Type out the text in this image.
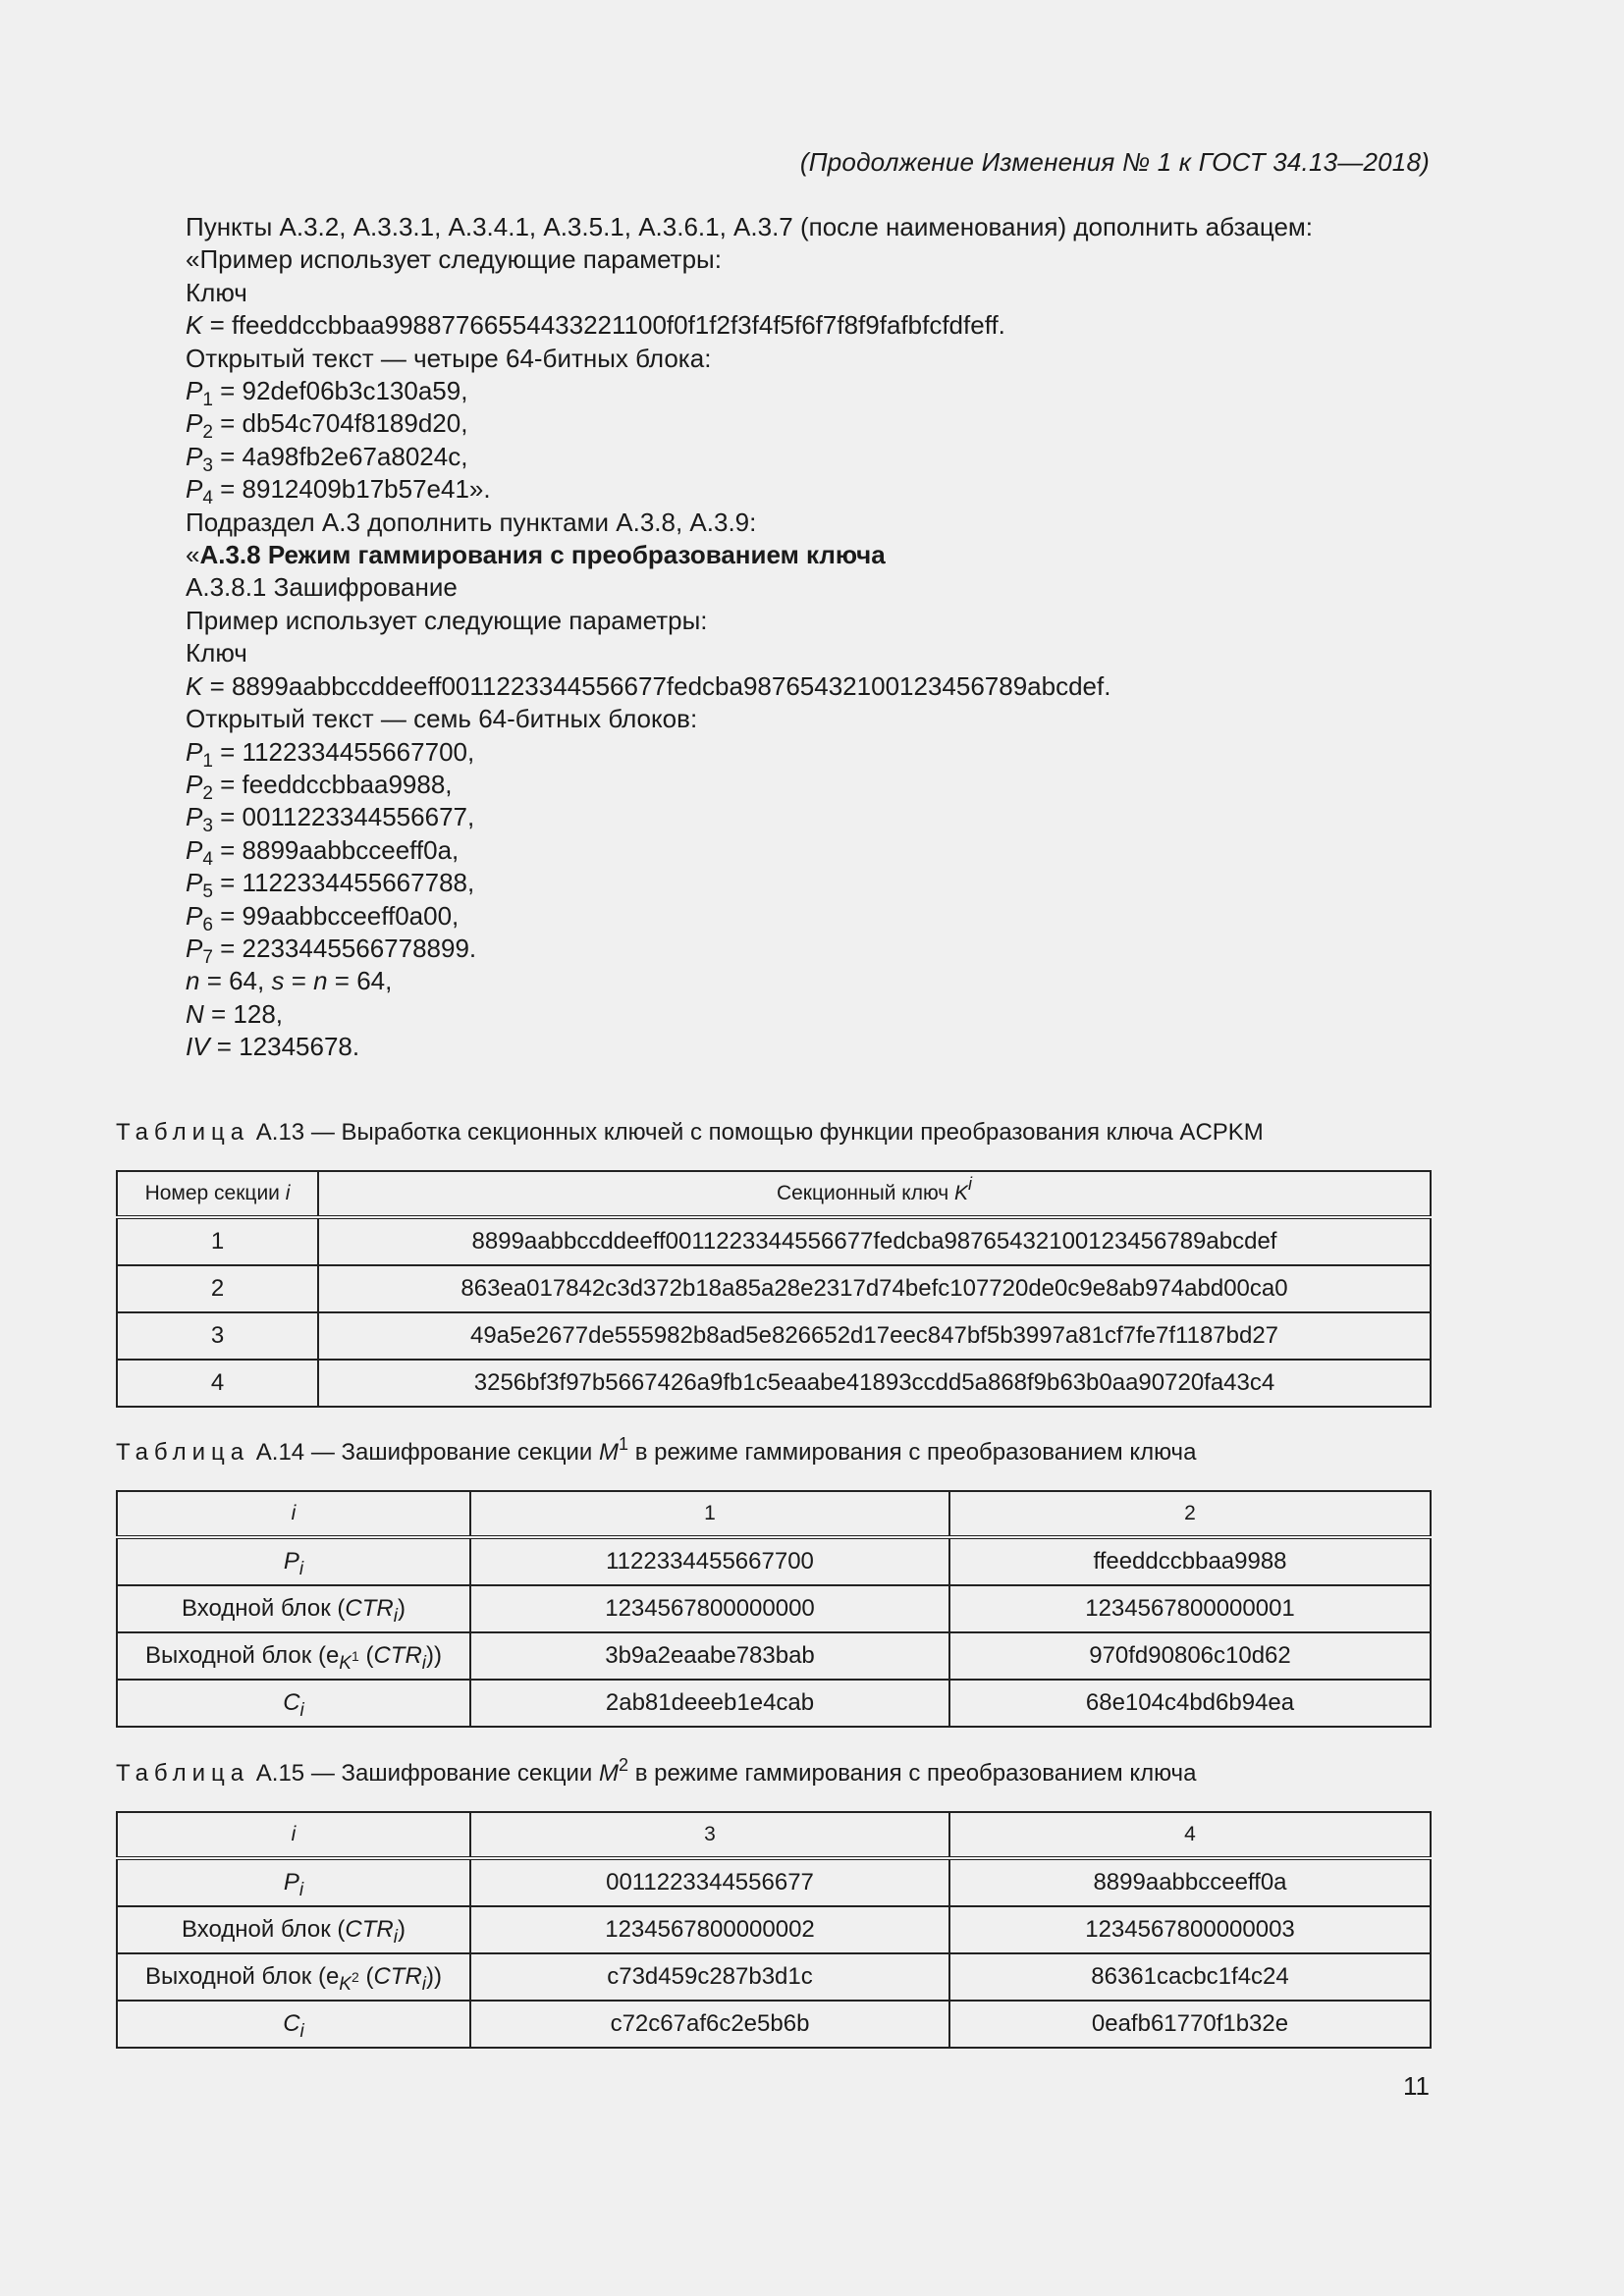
(Продолжение Изменения № 1 к ГОСТ 34.13—2018)
Пункты А.3.2, А.3.3.1, А.3.4.1, А.3.5.1, А.3.6.1, А.3.7 (после наименования) дополнить абзацем:
«Пример использует следующие параметры:
Ключ
K = ffeeddccbbaa99887766554433221100f0f1f2f3f4f5f6f7f8f9fafbfcfdfeff.
Открытый текст — четыре 64-битных блока:
$P_1 = 92def06b3c130a59$,
$P_2 = db54c704f8189d20$,
$P_3 = 4a98fb2e67a8024c$,
$P_4 = 8912409b17b57e41$».
Подраздел А.3 дополнить пунктами А.3.8, А.3.9:
«А.3.8 Режим гаммирования с преобразованием ключа
А.3.8.1 Зашифрование
Пример использует следующие параметры:
Ключ
K = 8899aabbccddeeff0011223344556677fedcba98765432100123456789abcdef.
Открытый текст — семь 64-битных блоков:
$P_1 = 1122334455667700$,
$P_2$ = feeddccbbaa9988,
$P_3 = 0011223344556677$,
$P_4$ = 8899aabbcceeff0a,
$P_5 = 1122334455667788$,
$P_6$ = 99aabbcceeff0a00,
$P_7 = 2233445566778899$.
n = 64, s = n = 64,
N = 128,
IV = 12345678.
Таблица А.13 — Выработка секционных ключей с помощью функции преобразования ключа ACPKM
Номер секции i	Секционный ключ $K^i$
1	8899aabbccddeeff0011223344556677fedcba98765432100123456789abcdef
2	863ea017842c3d372b18a85a28e2317d74befc107720de0c9e8ab974abd00ca0
3	49a5e2677de555982b8ad5e826652d17eec847bf5b3997a81cf7fe7f1187bd27
4	3256bf3f97b5667426a9fb1c5eaabe41893ccdd5a868f9b63b0aa90720fa43c4
Таблица А.14 — Зашифрование секции $M^1$ в режиме гаммирования с преобразованием ключа
i	1	2
$P_i$	1122334455667700	ffeeddccbbaa9988
Входной блок $(CTR_i)$	1234567800000000	1234567800000001
Выходной блок ($e_{K^1}$ $(CTR_i)$)	3b9a2eaabe783bab	970fd90806c10d62
$C_i$	2ab81deeeb1e4cab	68e104c4bd6b94ea
Таблица А.15 — Зашифрование секции $M^2$ в режиме гаммирования с преобразованием ключа
i	3	4
$P_i$	0011223344556677	8899aabbcceeff0a
Входной блок $(CTR_i)$	1234567800000002	1234567800000003
Выходной блок ($e_{K^2}$ $(CTR_i)$)	c73d459c287b3d1c	86361cacbc1f4c24
$C_i$	c72c67af6c2e5b6b	0eafb61770f1b32e
11
